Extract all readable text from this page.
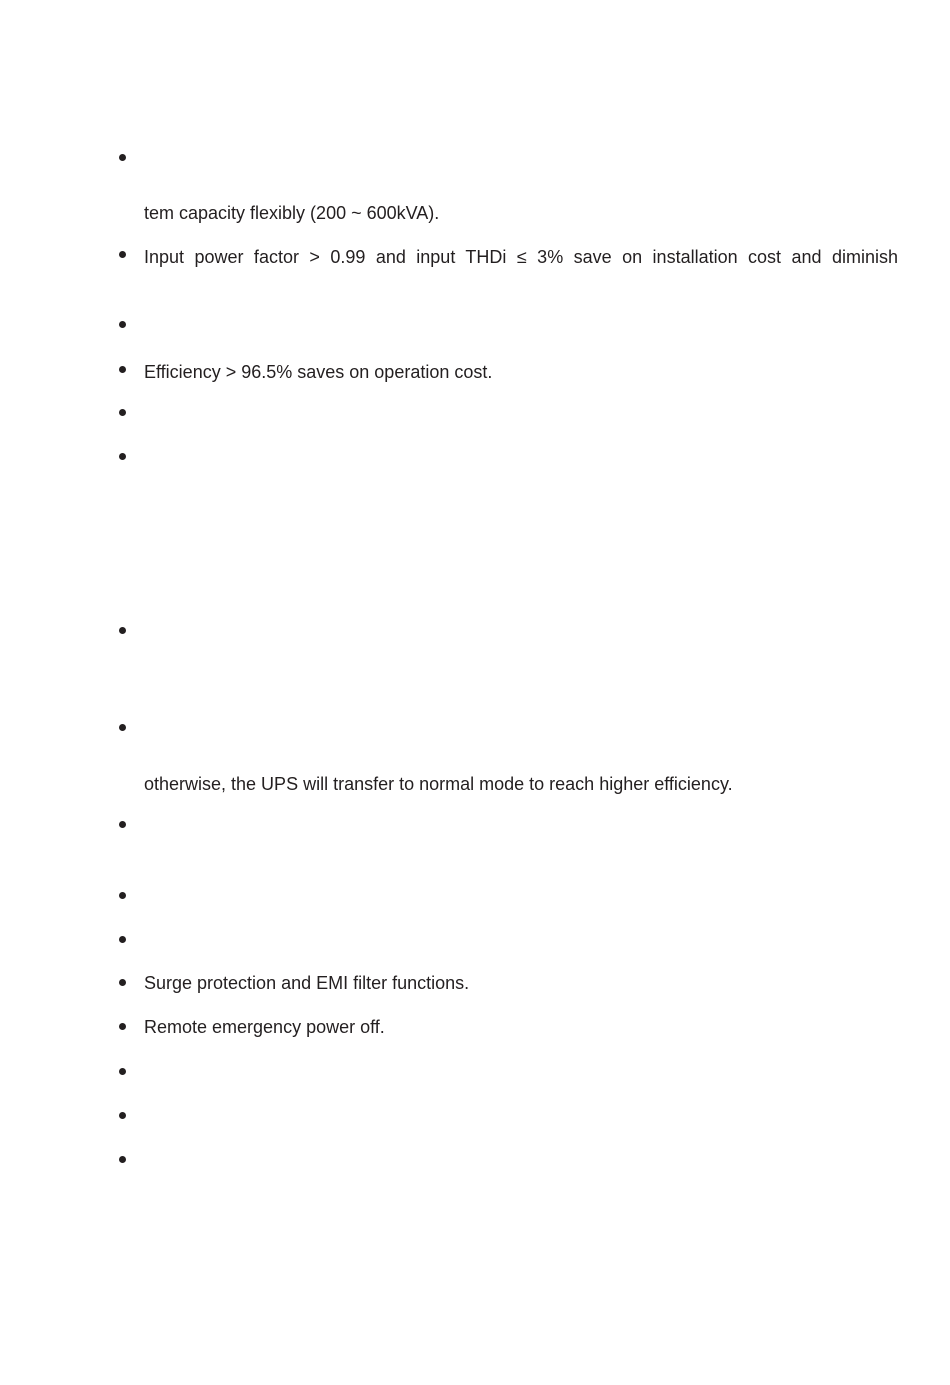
tem capacity flexibly (200 ~ 600kVA).
Input power factor > 0.99 and input THDi ≤ 3% save on installation cost and diminish
Efficiency > 96.5% saves on operation cost.
otherwise, the UPS will transfer to normal mode to reach higher efficiency.
Surge protection and EMI filter functions.
Remote emergency power off.
